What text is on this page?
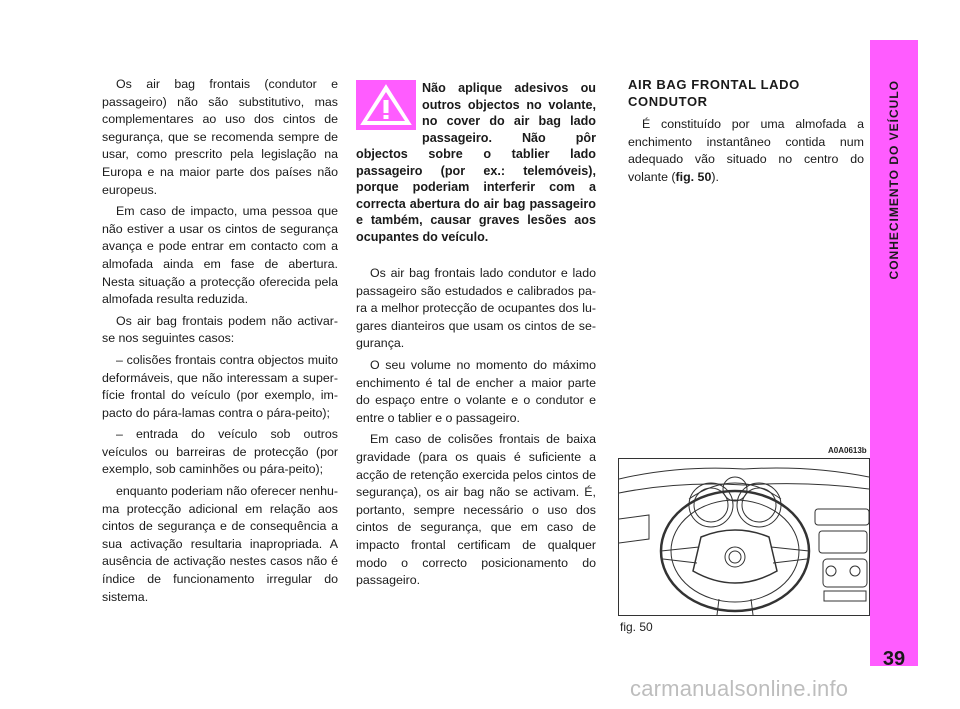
Os air bag frontais (condutor e passageiro) não são substitutivo, mas complementares ao uso dos cintos de segurança, que se recomenda sempre de usar, como prescrito pela legislação na Europa e na maior parte dos países não europeus.

Em caso de impacto, uma pessoa que não estiver a usar os cintos de segurança avança e pode entrar em contacto com a almofada ainda em fase de abertura. Nesta situação a protecção oferecida pela almofada resulta reduzida.

Os air bag frontais podem não activar-se nos seguintes casos:

– colisões frontais contra objectos muito deformáveis, que não interessam a superfície frontal do veículo (por exemplo, impacto do pára-lamas contra o pára-peito);

– entrada do veículo sob outros veículos ou barreiras de protecção (por exemplo, sob caminhões ou pára-peito);

enquanto poderiam não oferecer nenhuma protecção adicional em relação aos cintos de segurança e de consequência a sua activação resultaria inapropriada. A ausência de activação nestes casos não é índice de funcionamento irregular do sistema.

Não aplique adesivos ou outros objectos no volante, no cover do air bag lado passageiro. Não pôr objectos sobre o tablier lado passageiro (por ex.: telemóveis), porque poderiam interferir com a correcta abertura do air bag passageiro e também, causar graves lesões aos ocupantes do veículo.

Os air bag frontais lado condutor e lado passageiro são estudados e calibrados para a melhor protecção de ocupantes dos lugares dianteiros que usam os cintos de segurança.

O seu volume no momento do máximo enchimento é tal de encher a maior parte do espaço entre o volante e o condutor e entre o tablier e o passageiro.

Em caso de colisões frontais de baixa gravidade (para os quais é suficiente a acção de retenção exercida pelos cintos de segurança), os air bag não se activam. É, portanto, sempre necessário o uso dos cintos de segurança, que em caso de impacto frontal certificam de qualquer modo o correcto posicionamento do passageiro.

AIR BAG FRONTAL LADO CONDUTOR

É constituído por uma almofada a enchimento instantâneo contida num adequado vão situado no centro do volante (fig. 50).

A0A0613b
fig. 50
CONHECIMENTO DO VEÍCULO
39
carmanualsonline.info
